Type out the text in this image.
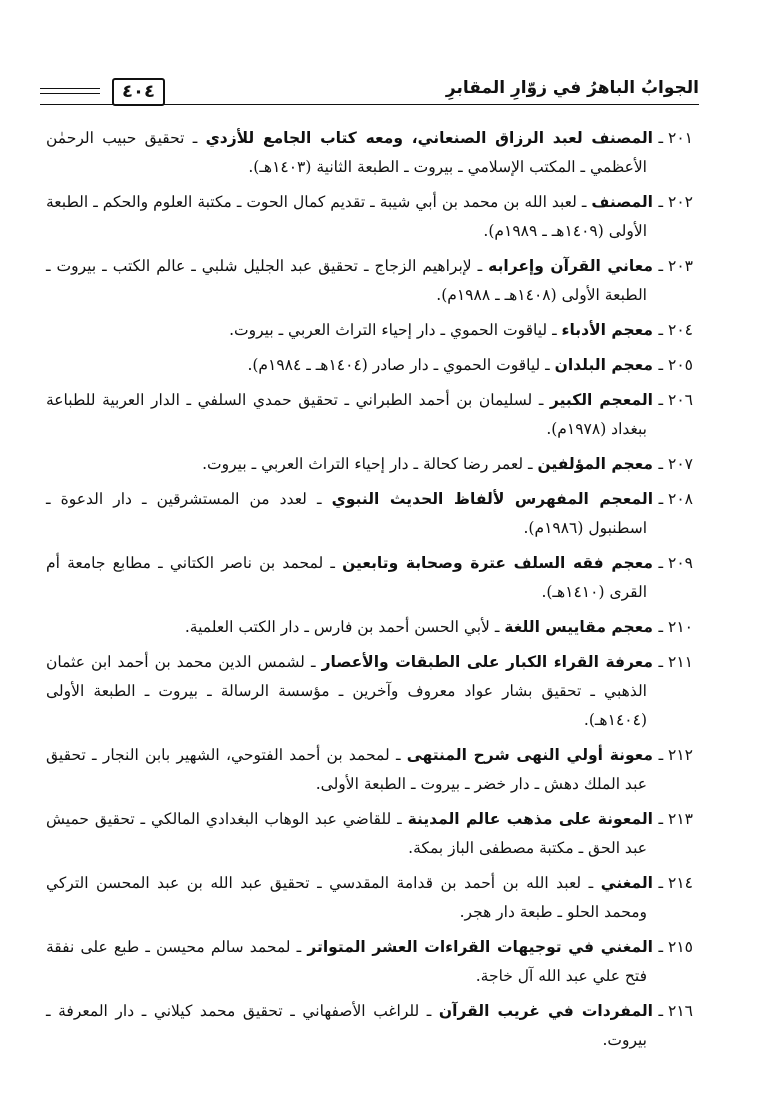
الجوابُ الباهرُ في زوّارِ المقابرِ
٤٠٤
٢٠١ ـالمصنف لعبد الرزاق الصنعاني، ومعه كتاب الجامع للأزدي ـ تحقيق حبيب الرحمٰن الأعظمي ـ المكتب الإسلامي ـ بيروت ـ الطبعة الثانية (١٤٠٣هـ).
٢٠٢ ـالمصنف ـ لعبد الله بن محمد بن أبي شيبة ـ تقديم كمال الحوت ـ مكتبة العلوم والحكم ـ الطبعة الأولى (١٤٠٩هـ ـ ١٩٨٩م).
٢٠٣ ـمعاني القرآن وإعرابه ـ لإبراهيم الزجاج ـ تحقيق عبد الجليل شلبي ـ عالم الكتب ـ بيروت ـ الطبعة الأولى (١٤٠٨هـ ـ ١٩٨٨م).
٢٠٤ ـمعجم الأدباء ـ لياقوت الحموي ـ دار إحياء التراث العربي ـ بيروت.
٢٠٥ ـمعجم البلدان ـ لياقوت الحموي ـ دار صادر (١٤٠٤هـ ـ ١٩٨٤م).
٢٠٦ ـالمعجم الكبير ـ لسليمان بن أحمد الطبراني ـ تحقيق حمدي السلفي ـ الدار العربية للطباعة ببغداد (١٩٧٨م).
٢٠٧ ـمعجم المؤلفين ـ لعمر رضا كحالة ـ دار إحياء التراث العربي ـ بيروت.
٢٠٨ ـالمعجم المفهرس لألفاظ الحديث النبوي ـ لعدد من المستشرقين ـ دار الدعوة ـ اسطنبول (١٩٨٦م).
٢٠٩ ـمعجم فقه السلف عترة وصحابة وتابعين ـ لمحمد بن ناصر الكتاني ـ مطابع جامعة أم القرى (١٤١٠هـ).
٢١٠ ـمعجم مقاييس اللغة ـ لأبي الحسن أحمد بن فارس ـ دار الكتب العلمية.
٢١١ ـمعرفة القراء الكبار على الطبقات والأعصار ـ لشمس الدين محمد بن أحمد ابن عثمان الذهبي ـ تحقيق بشار عواد معروف وآخرين ـ مؤسسة الرسالة ـ بيروت ـ الطبعة الأولى (١٤٠٤هـ).
٢١٢ ـمعونة أولي النهى شرح المنتهى ـ لمحمد بن أحمد الفتوحي، الشهير بابن النجار ـ تحقيق عبد الملك دهش ـ دار خضر ـ بيروت ـ الطبعة الأولى.
٢١٣ ـالمعونة على مذهب عالم المدينة ـ للقاضي عبد الوهاب البغدادي المالكي ـ تحقيق حميش عبد الحق ـ مكتبة مصطفى الباز بمكة.
٢١٤ ـالمغني ـ لعبد الله بن أحمد بن قدامة المقدسي ـ تحقيق عبد الله بن عبد المحسن التركي ومحمد الحلو ـ طبعة دار هجر.
٢١٥ ـالمغني في توجيهات القراءات العشر المتواتر ـ لمحمد سالم محيسن ـ طبع على نفقة فتح علي عبد الله آل خاجة.
٢١٦ ـالمفردات في غريب القرآن ـ للراغب الأصفهاني ـ تحقيق محمد كيلاني ـ دار المعرفة ـ بيروت.
